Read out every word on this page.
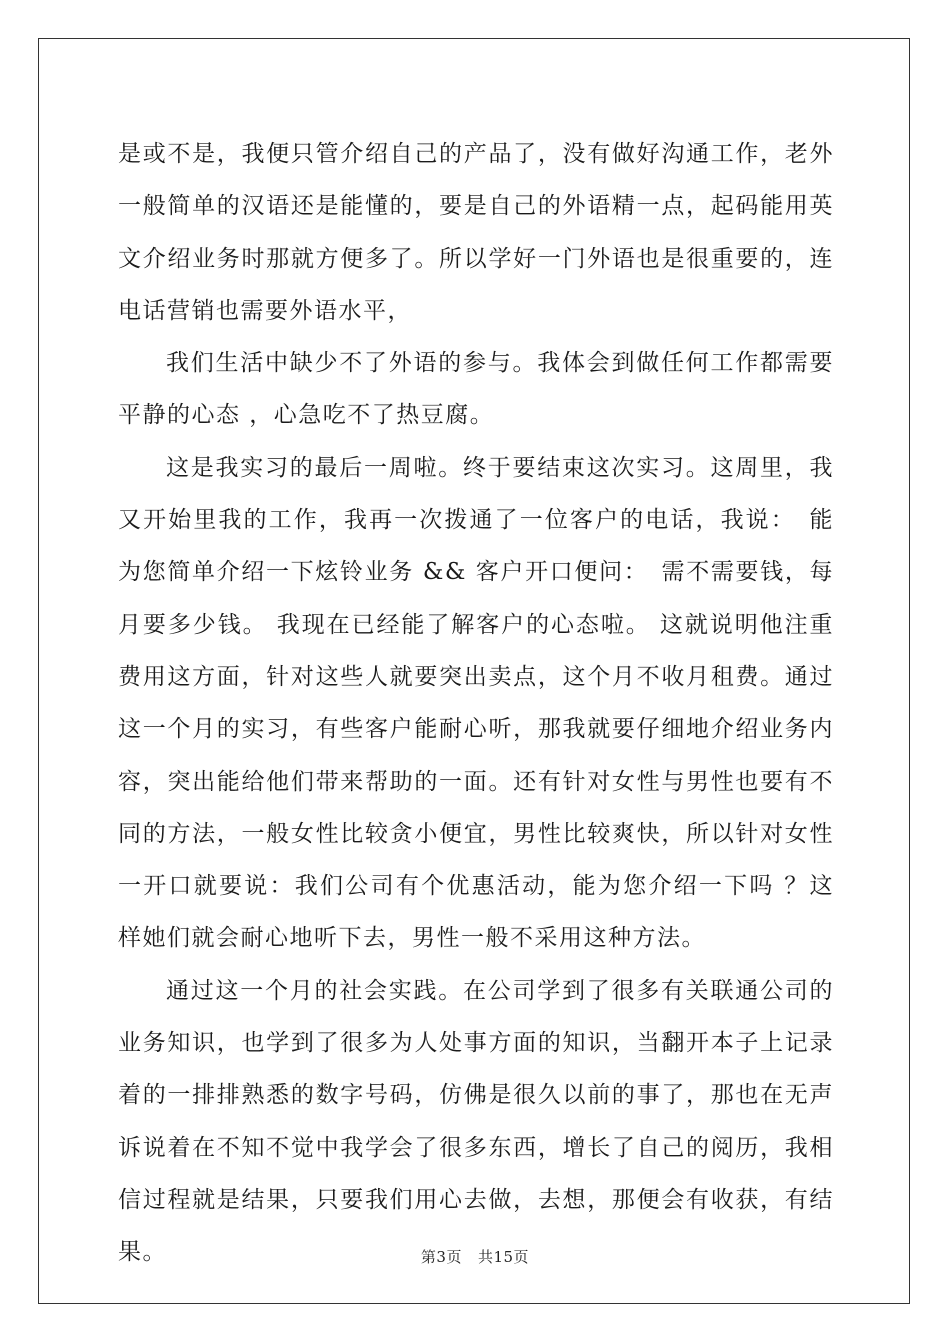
是或不是，我便只管介绍自己的产品了，没有做好沟通工作，老外一般简单的汉语还是能懂的，要是自己的外语精一点，起码能用英文介绍业务时那就方便多了。所以学好一门外语也是很重要的，连电话营销也需要外语水平，

我们生活中缺少不了外语的参与。我体会到做任何工作都需要平静的心态 ，心急吃不了热豆腐。

这是我实习的最后一周啦。终于要结束这次实习。这周里，我又开始里我的工作，我再一次拨通了一位客户的电话，我说：　能为您简单介绍一下炫铃业务 && 客户开口便问：　需不需要钱，每月要多少钱。 我现在已经能了解客户的心态啦。 这就说明他注重费用这方面，针对这些人就要突出卖点，这个月不收月租费。通过这一个月的实习，有些客户能耐心听，那我就要仔细地介绍业务内容，突出能给他们带来帮助的一面。还有针对女性与男性也要有不同的方法，一般女性比较贪小便宜，男性比较爽快，所以针对女性一开口就要说：我们公司有个优惠活动，能为您介绍一下吗 ？这样她们就会耐心地听下去，男性一般不采用这种方法。

通过这一个月的社会实践。在公司学到了很多有关联通公司的业务知识，也学到了很多为人处事方面的知识，当翻开本子上记录着的一排排熟悉的数字号码，仿佛是很久以前的事了，那也在无声诉说着在不知不觉中我学会了很多东西，增长了自己的阅历，我相信过程就是结果，只要我们用心去做，去想，那便会有收获，有结果。	第3页 共15页
